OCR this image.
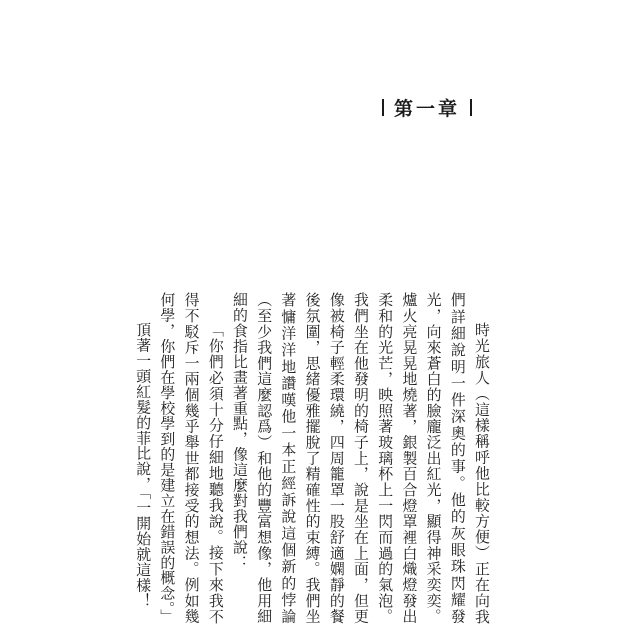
第一章

時光旅人（這樣稱呼他比較方便）正在向我們詳細說明一件深奧的事。他的灰眼珠閃耀發光，向來蒼白的臉龐泛出紅光，顯得神采奕奕。爐火亮晃晃地燒著，銀製百合燈罩裡白熾燈發出柔和的光芒，映照著玻璃杯上一閃而過的氣泡。我們坐在他發明的椅子上，說是坐在上面，但更像被椅子輕柔環繞，四周籠罩一股舒適嫻靜的餐後氛圍，思緒優雅擺脫了精確性的束縛。我們坐著慵洋洋地讚嘆他一本正經訴說這個新的悖論（至少我們這麼認爲）和他的豐富想像，他用細細的食指比畫著重點，像這麼對我們說：

「你們必須十分仔細地聽我說。接下來我不得不駁斥一兩個幾乎舉世都接受的想法。例如幾何學，你們在學校學到的是建立在錯誤的概念。」

頂著一頭紅髮的菲比說，「一開始就這樣！
